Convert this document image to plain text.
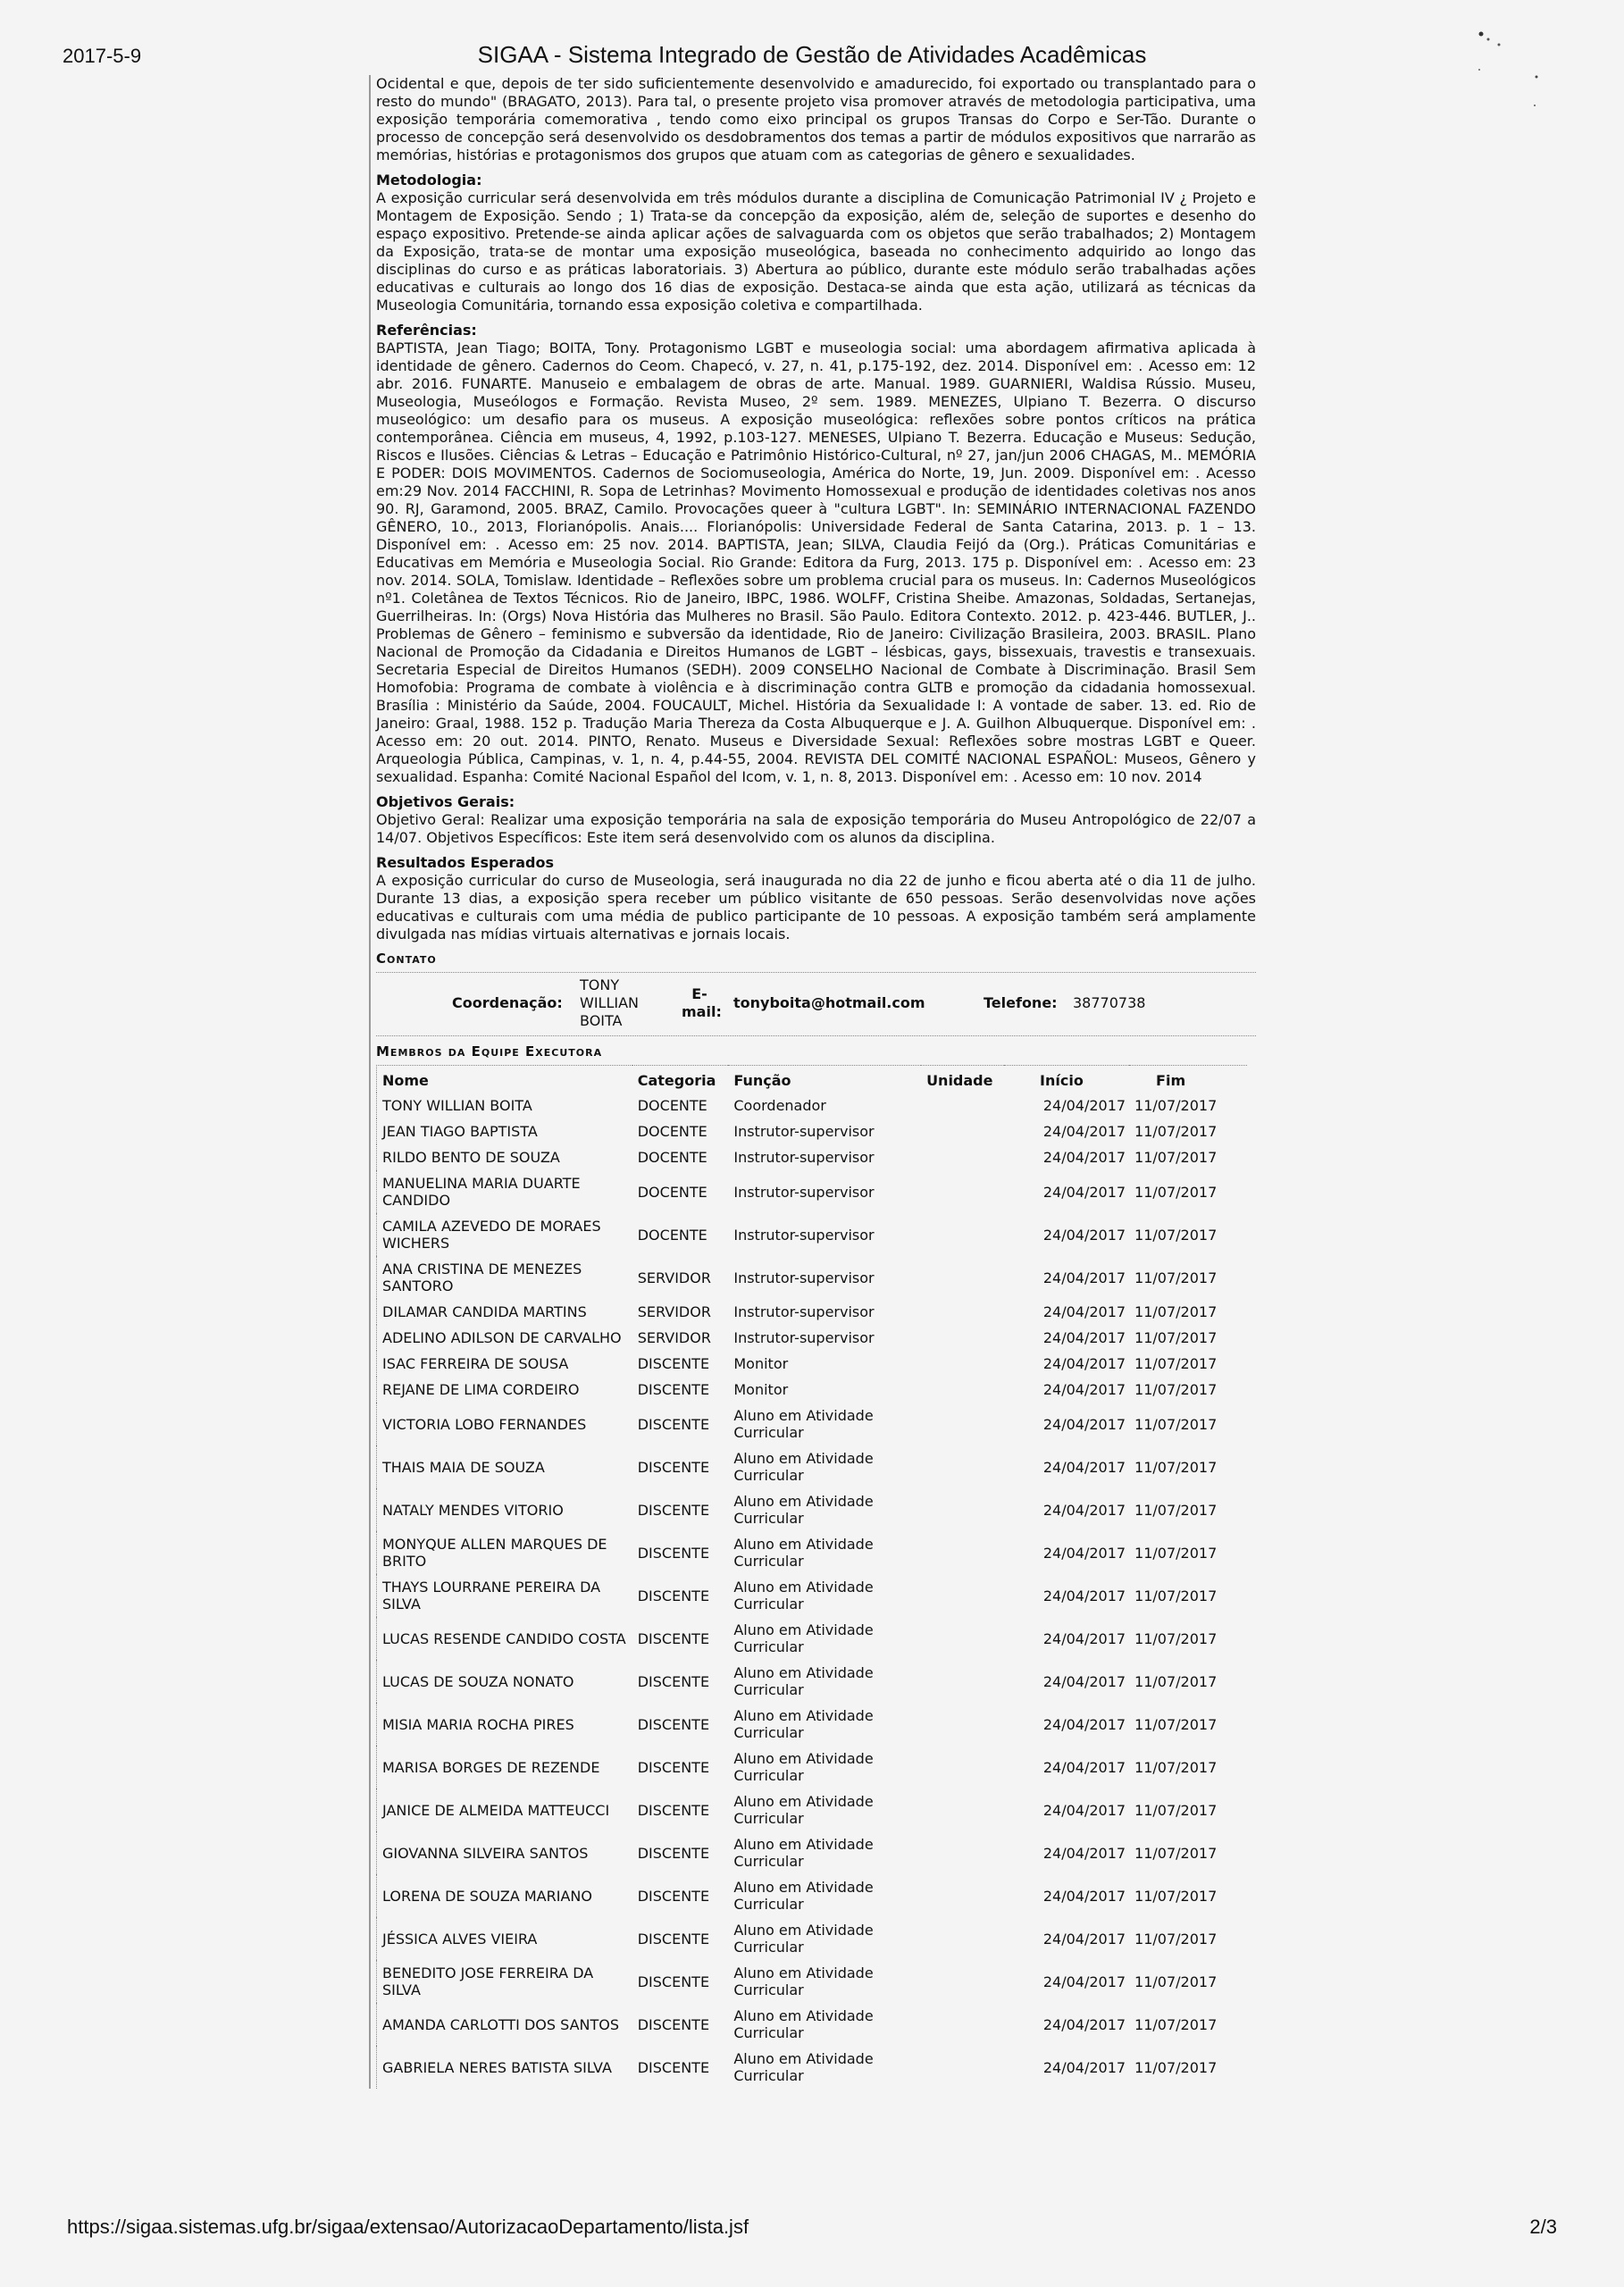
2017-5-9	SIGAA - Sistema Integrado de Gestão de Atividades Acadêmicas

Ocidental e que, depois de ter sido suficientemente desenvolvido e amadurecido, foi exportado ou transplantado para o resto do mundo" (BRAGATO, 2013). Para tal, o presente projeto visa promover através de metodologia participativa, uma exposição temporária comemorativa , tendo como eixo principal os grupos Transas do Corpo e Ser-Tão. Durante o processo de concepção será desenvolvido os desdobramentos dos temas a partir de módulos expositivos que narrarão as memórias, histórias e protagonismos dos grupos que atuam com as categorias de gênero e sexualidades.

Metodologia:

A exposição curricular será desenvolvida em três módulos durante a disciplina de Comunicação Patrimonial IV ¿ Projeto e Montagem de Exposição. Sendo ; 1) Trata-se da concepção da exposição, além de, seleção de suportes e desenho do espaço expositivo. Pretende-se ainda aplicar ações de salvaguarda com os objetos que serão trabalhados; 2) Montagem da Exposição, trata-se de montar uma exposição museológica, baseada no conhecimento adquirido ao longo das disciplinas do curso e as práticas laboratoriais. 3) Abertura ao público, durante este módulo serão trabalhadas ações educativas e culturais ao longo dos 16 dias de exposição. Destaca-se ainda que esta ação, utilizará as técnicas da Museologia Comunitária, tornando essa exposição coletiva e compartilhada.

Referências:

BAPTISTA, Jean Tiago; BOITA, Tony. Protagonismo LGBT e museologia social: uma abordagem afirmativa aplicada à identidade de gênero. Cadernos do Ceom. Chapecó, v. 27, n. 41, p.175-192, dez. 2014. Disponível em: . Acesso em: 12 abr. 2016. FUNARTE. Manuseio e embalagem de obras de arte. Manual. 1989. GUARNIERI, Waldisa Rússio. Museu, Museologia, Museólogos e Formação. Revista Museo, 2º sem. 1989. MENEZES, Ulpiano T. Bezerra. O discurso museológico: um desafio para os museus. A exposição museológica: reflexões sobre pontos críticos na prática contemporânea. Ciência em museus, 4, 1992, p.103-127. MENESES, Ulpiano T. Bezerra. Educação e Museus: Sedução, Riscos e Ilusões. Ciências & Letras – Educação e Patrimônio Histórico-Cultural, nº 27, jan/jun 2006 CHAGAS, M.. MEMÓRIA E PODER: DOIS MOVIMENTOS. Cadernos de Sociomuseologia, América do Norte, 19, Jun. 2009. Disponível em: . Acesso em:29 Nov. 2014 FACCHINI, R. Sopa de Letrinhas? Movimento Homossexual e produção de identidades coletivas nos anos 90. RJ, Garamond, 2005. BRAZ, Camilo. Provocações queer à "cultura LGBT". In: SEMINÁRIO INTERNACIONAL FAZENDO GÊNERO, 10., 2013, Florianópolis. Anais.... Florianópolis: Universidade Federal de Santa Catarina, 2013. p. 1 – 13. Disponível em: . Acesso em: 25 nov. 2014. BAPTISTA, Jean; SILVA, Claudia Feijó da (Org.). Práticas Comunitárias e Educativas em Memória e Museologia Social. Rio Grande: Editora da Furg, 2013. 175 p. Disponível em: . Acesso em: 23 nov. 2014. SOLA, Tomislaw. Identidade – Reflexões sobre um problema crucial para os museus. In: Cadernos Museológicos nº1. Coletânea de Textos Técnicos. Rio de Janeiro, IBPC, 1986. WOLFF, Cristina Sheibe. Amazonas, Soldadas, Sertanejas, Guerrilheiras. In: (Orgs) Nova História das Mulheres no Brasil. São Paulo. Editora Contexto. 2012. p. 423-446. BUTLER, J.. Problemas de Gênero – feminismo e subversão da identidade, Rio de Janeiro: Civilização Brasileira, 2003. BRASIL. Plano Nacional de Promoção da Cidadania e Direitos Humanos de LGBT – lésbicas, gays, bissexuais, travestis e transexuais. Secretaria Especial de Direitos Humanos (SEDH). 2009 CONSELHO Nacional de Combate à Discriminação. Brasil Sem Homofobia: Programa de combate à violência e à discriminação contra GLTB e promoção da cidadania homossexual. Brasília : Ministério da Saúde, 2004. FOUCAULT, Michel. História da Sexualidade I: A vontade de saber. 13. ed. Rio de Janeiro: Graal, 1988. 152 p. Tradução Maria Thereza da Costa Albuquerque e J. A. Guilhon Albuquerque. Disponível em: . Acesso em: 20 out. 2014. PINTO, Renato. Museus e Diversidade Sexual: Reflexões sobre mostras LGBT e Queer. Arqueologia Pública, Campinas, v. 1, n. 4, p.44-55, 2004. REVISTA DEL COMITÉ NACIONAL ESPAÑOL: Museos, Gênero y sexualidad. Espanha: Comité Nacional Español del Icom, v. 1, n. 8, 2013. Disponível em: . Acesso em: 10 nov. 2014

Objetivos Gerais:

Objetivo Geral: Realizar uma exposição temporária na sala de exposição temporária do Museu Antropológico de 22/07 a 14/07. Objetivos Específicos: Este item será desenvolvido com os alunos da disciplina.

Resultados Esperados

A exposição curricular do curso de Museologia, será inaugurada no dia 22 de junho e ficou aberta até o dia 11 de julho. Durante 13 dias, a exposição spera receber um público visitante de 650 pessoas. Serão desenvolvidas nove ações educativas e culturais com uma média de publico participante de 10 pessoas. A exposição também será amplamente divulgada nas mídias virtuais alternativas e jornais locais.

Contato
Coordenação:
TONY WILLIAN BOITA
E-mail:
tonyboita@hotmail.com	Telefone: 38770738
Membros da Equipe Executora
Nome	Categoria	Função	Unidade	Início	Fim
TONY WILLIAN BOITA	DOCENTE	Coordenador		24/04/2017	11/07/2017
JEAN TIAGO BAPTISTA	DOCENTE	Instrutor-supervisor		24/04/2017	11/07/2017
RILDO BENTO DE SOUZA	DOCENTE	Instrutor-supervisor		24/04/2017	11/07/2017
MANUELINA MARIA DUARTE CANDIDO	DOCENTE	Instrutor-supervisor		24/04/2017	11/07/2017
CAMILA AZEVEDO DE MORAES WICHERS	DOCENTE	Instrutor-supervisor		24/04/2017	11/07/2017
ANA CRISTINA DE MENEZES SANTORO	SERVIDOR	Instrutor-supervisor		24/04/2017	11/07/2017
DILAMAR CANDIDA MARTINS	SERVIDOR	Instrutor-supervisor		24/04/2017	11/07/2017
ADELINO ADILSON DE CARVALHO	SERVIDOR	Instrutor-supervisor		24/04/2017	11/07/2017
ISAC FERREIRA DE SOUSA	DISCENTE	Monitor		24/04/2017	11/07/2017
REJANE DE LIMA CORDEIRO	DISCENTE	Monitor		24/04/2017	11/07/2017
VICTORIA LOBO FERNANDES	DISCENTE	Aluno em Atividade Curricular		24/04/2017	11/07/2017
THAIS MAIA DE SOUZA	DISCENTE	Aluno em Atividade Curricular		24/04/2017	11/07/2017
NATALY MENDES VITORIO	DISCENTE	Aluno em Atividade Curricular		24/04/2017	11/07/2017
MONYQUE ALLEN MARQUES DE BRITO	DISCENTE	Aluno em Atividade Curricular		24/04/2017	11/07/2017
THAYS LOURRANE PEREIRA DA SILVA	DISCENTE	Aluno em Atividade Curricular		24/04/2017	11/07/2017
LUCAS RESENDE CANDIDO COSTA	DISCENTE	Aluno em Atividade Curricular		24/04/2017	11/07/2017
LUCAS DE SOUZA NONATO	DISCENTE	Aluno em Atividade Curricular		24/04/2017	11/07/2017
MISIA MARIA ROCHA PIRES	DISCENTE	Aluno em Atividade Curricular		24/04/2017	11/07/2017
MARISA BORGES DE REZENDE	DISCENTE	Aluno em Atividade Curricular		24/04/2017	11/07/2017
JANICE DE ALMEIDA MATTEUCCI	DISCENTE	Aluno em Atividade Curricular		24/04/2017	11/07/2017
GIOVANNA SILVEIRA SANTOS	DISCENTE	Aluno em Atividade Curricular		24/04/2017	11/07/2017
LORENA DE SOUZA MARIANO	DISCENTE	Aluno em Atividade Curricular		24/04/2017	11/07/2017
JÉSSICA ALVES VIEIRA	DISCENTE	Aluno em Atividade Curricular		24/04/2017	11/07/2017
BENEDITO JOSE FERREIRA DA SILVA	DISCENTE	Aluno em Atividade Curricular		24/04/2017	11/07/2017
AMANDA CARLOTTI DOS SANTOS	DISCENTE	Aluno em Atividade Curricular		24/04/2017	11/07/2017
GABRIELA NERES BATISTA SILVA	DISCENTE	Aluno em Atividade Curricular		24/04/2017	11/07/2017
https://sigaa.sistemas.ufg.br/sigaa/extensao/AutorizacaoDepartamento/lista.jsf	2/3
